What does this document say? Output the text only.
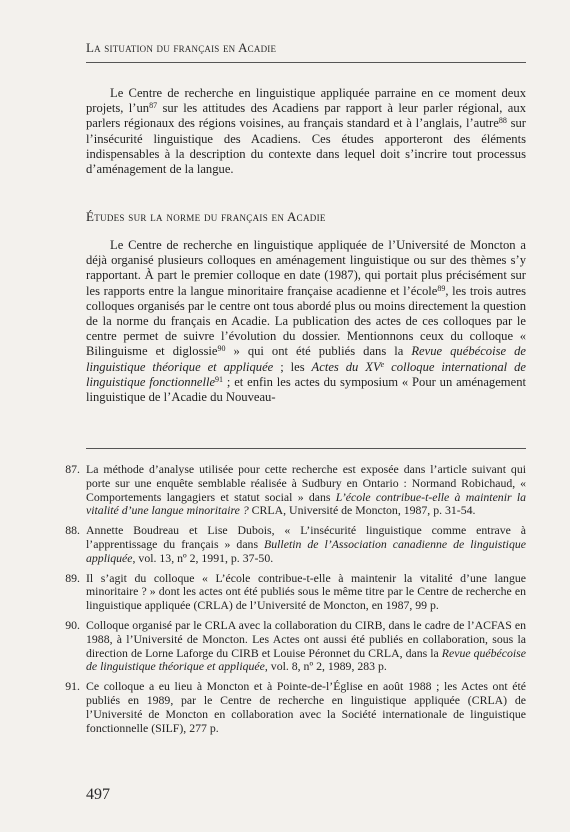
La situation du français en Acadie

Le Centre de recherche en linguistique appliquée parraine en ce moment deux projets, $l’un^{87}$ sur les attitudes des Acadiens par rapport à leur parler régional, aux parlers régionaux des régions voisines, au français standard et à l’anglais, l’autre$^{88}$ sur l’insécurité linguistique des Acadiens. Ces études apporteront des éléments indispensables à la description du contexte dans lequel doit s’incrire tout processus d’aménagement de la langue.

Études sur la norme du français en Acadie

Le Centre de recherche en linguistique appliquée de l’Université de Moncton a déjà organisé plusieurs colloques en aménagement linguistique ou sur des thèmes s’y rapportant. À part le premier colloque en date (1987), qui portait plus précisément sur les rapports entre la langue minoritaire française acadienne et l’école$^{89}$, les trois autres colloques organisés par le centre ont tous abordé plus ou moins directement la question de la norme du français en Acadie. La publication des actes de ces colloques par le centre permet de suivre l’évolution du dossier. Mentionnons ceux du colloque « Bilinguisme et diglossie$^{90}$ » qui ont été publiés dans la Revue québécoise de linguistique théorique et appliquée ; les Actes du XVe colloque international de linguistique fonctionnelle$^{91}$ ; et enfin les actes du symposium « Pour un aménagement linguistique de l’Acadie du Nouveau-

87. La méthode d’analyse utilisée pour cette recherche est exposée dans l’article suivant qui porte sur une enquête semblable réalisée à Sudbury en Ontario : Normand Robichaud, « Comportements langagiers et statut social » dans L’école contribue-t-elle à maintenir la vitalité d’une langue minoritaire ? CRLA, Université de Moncton, 1987, p. 31-54.
88. Annette Boudreau et Lise Dubois, « L’insécurité linguistique comme entrave à l’apprentissage du français » dans Bulletin de l’Association canadienne de linguistique appliquée, vol. 13, nº 2, 1991, p. 37-50.
89. Il s’agit du colloque « L’école contribue-t-elle à maintenir la vitalité d’une langue minoritaire ? » dont les actes ont été publiés sous le même titre par le Centre de recherche en linguistique appliquée (CRLA) de l’Université de Moncton, en 1987, 99 p.
90. Colloque organisé par le CRLA avec la collaboration du CIRB, dans le cadre de l’ACFAS en 1988, à l’Université de Moncton. Les Actes ont aussi été publiés en collaboration, sous la direction de Lorne Laforge du CIRB et Louise Péronnet du CRLA, dans la Revue québécoise de linguistique théorique et appliquée, vol. 8, nº 2, 1989, 283 p.
91. Ce colloque a eu lieu à Moncton et à Pointe-de-l’Église en août 1988 ; les Actes ont été publiés en 1989, par le Centre de recherche en linguistique appliquée (CRLA) de l’Université de Moncton en collaboration avec la Société internationale de linguistique fonctionnelle (SILF), 277 p.
497
